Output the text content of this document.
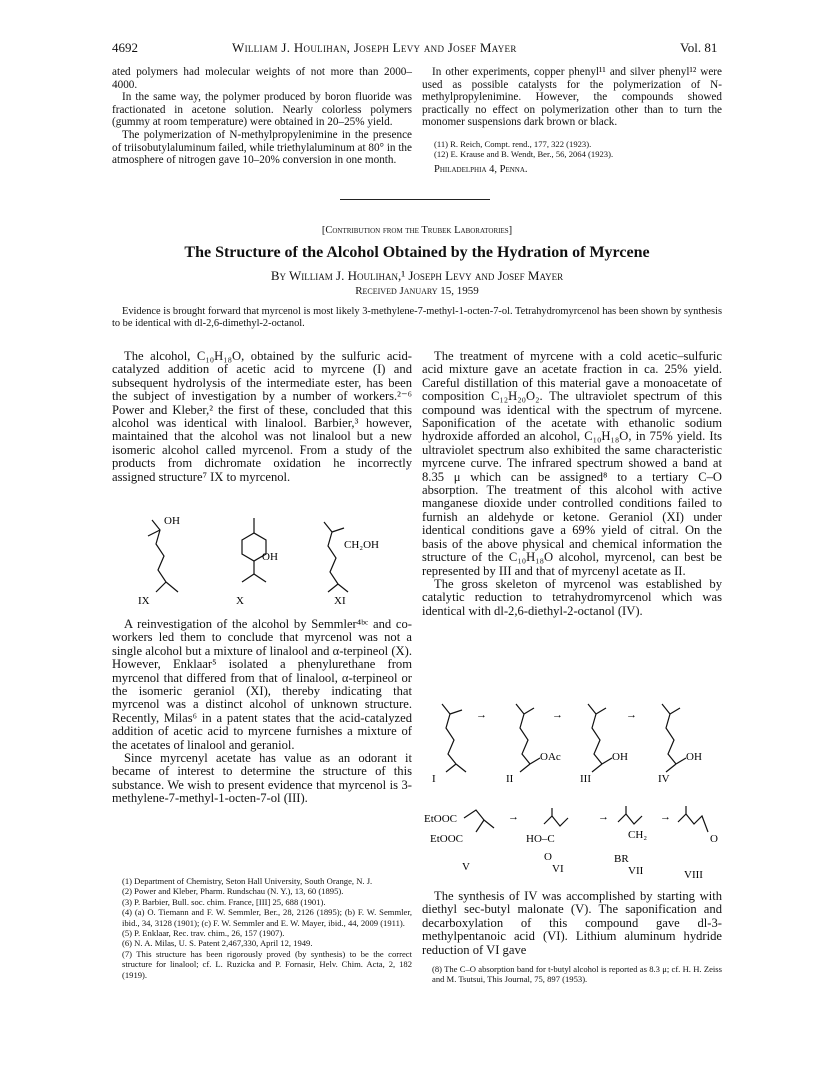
4692	William J. Houlihan, Joseph Levy and Josef Mayer	Vol. 81

ated polymers had molecular weights of not more than 2000–4000.

In the same way, the polymer produced by boron fluoride was fractionated in acetone solution. Nearly colorless polymers (gummy at room temperature) were obtained in 20–25% yield.

The polymerization of N-methylpropylenimine in the presence of triisobutylaluminum failed, while triethylaluminum at 80° in the atmosphere of nitrogen gave 10–20% conversion in one month.

In other experiments, copper phenyl¹¹ and silver phenyl¹² were used as possible catalysts for the polymerization of N-methylpropylenimine. However, the compounds showed practically no effect on polymerization other than to turn the monomer suspensions dark brown or black.

(11) R. Reich, Compt. rend., 177, 322 (1923).
(12) E. Krause and B. Wendt, Ber., 56, 2064 (1923).
Philadelphia 4, Penna.
[Contribution from the Trubek Laboratories]
The Structure of the Alcohol Obtained by the Hydration of Myrcene
By William J. Houlihan,¹ Joseph Levy and Josef Mayer
Received January 15, 1959

Evidence is brought forward that myrcenol is most likely 3-methylene-7-methyl-1-octen-7-ol. Tetrahydromyrcenol has been shown by synthesis to be identical with dl-2,6-dimethyl-2-octanol.

The alcohol, C₁₀H₁₈O, obtained by the sulfuric acid-catalyzed addition of acetic acid to myrcene (I) and subsequent hydrolysis of the intermediate ester, has been the subject of investigation by a number of workers.²⁻⁶ Power and Kleber,² the first of these, concluded that this alcohol was identical with linalool. Barbier,³ however, maintained that the alcohol was not linalool but a new isomeric alcohol called myrcenol. From a study of the products from dichromate oxidation he incorrectly assigned structure⁷ IX to myrcenol.

OH
OH
CH₂OH
IX	X	XI

A reinvestigation of the alcohol by Semmler⁴ᵇᶜ and co-workers led them to conclude that myrcenol was not a single alcohol but a mixture of linalool and α-terpineol (X). However, Enklaar⁵ isolated a phenylurethane from myrcenol that differed from that of linalool, α-terpineol or the isomeric geraniol (XI), thereby indicating that myrcenol was a distinct alcohol of unknown structure. Recently, Milas⁶ in a patent states that the acid-catalyzed addition of acetic acid to myrcene furnishes a mixture of the acetates of linalool and geraniol.

Since myrcenyl acetate has value as an odorant it became of interest to determine the structure of this substance. We wish to present evidence that myrcenol is 3-methylene-7-methyl-1-octen-7-ol (III).

(1) Department of Chemistry, Seton Hall University, South Orange, N. J.
(2) Power and Kleber, Pharm. Rundschau (N. Y.), 13, 60 (1895).
(3) P. Barbier, Bull. soc. chim. France, [III] 25, 688 (1901).
(4) (a) O. Tiemann and F. W. Semmler, Ber., 28, 2126 (1895); (b) F. W. Semmler, ibid., 34, 3128 (1901); (c) F. W. Semmler and E. W. Mayer, ibid., 44, 2009 (1911).
(5) P. Enklaar, Rec. trav. chim., 26, 157 (1907).
(6) N. A. Milas, U. S. Patent 2,467,330, April 12, 1949.
(7) This structure has been rigorously proved (by synthesis) to be the correct structure for linalool; cf. L. Ruzicka and P. Fornasir, Helv. Chim. Acta, 2, 182 (1919).

The treatment of myrcene with a cold acetic–sulfuric acid mixture gave an acetate fraction in ca. 25% yield. Careful distillation of this material gave a monoacetate of composition C₁₂H₂₀O₂. The ultraviolet spectrum of this compound was identical with the spectrum of myrcene. Saponification of the acetate with ethanolic sodium hydroxide afforded an alcohol, C₁₀H₁₈O, in 75% yield. Its ultraviolet spectrum also exhibited the same characteristic myrcene curve. The infrared spectrum showed a band at 8.35 μ which can be assigned⁸ to a tertiary C–O absorption. The treatment of this alcohol with active manganese dioxide under controlled conditions failed to furnish an aldehyde or ketone. Geraniol (XI) under identical conditions gave a 69% yield of citral. On the basis of the above physical and chemical information the structure of the C₁₀H₁₈O alcohol, myrcenol, can best be represented by III and that of myrcenyl acetate as II.

The gross skeleton of myrcenol was established by catalytic reduction to tetrahydromyrcenol which was identical with dl-2,6-diethyl-2-octanol (IV).

→	→	→
OAc	OH	OH
I	II	III	IV
EtOOC
EtOOC
→	→	→
HO–C
O
CH₂
BR
O
V	VI	VII	VIII

The synthesis of IV was accomplished by starting with diethyl sec-butyl malonate (V). The saponification and decarboxylation of this compound gave dl-3-methylpentanoic acid (VI). Lithium aluminum hydride reduction of VI gave

(8) The C–O absorption band for t-butyl alcohol is reported as 8.3 μ; cf. H. H. Zeiss and M. Tsutsui, This Journal, 75, 897 (1953).
